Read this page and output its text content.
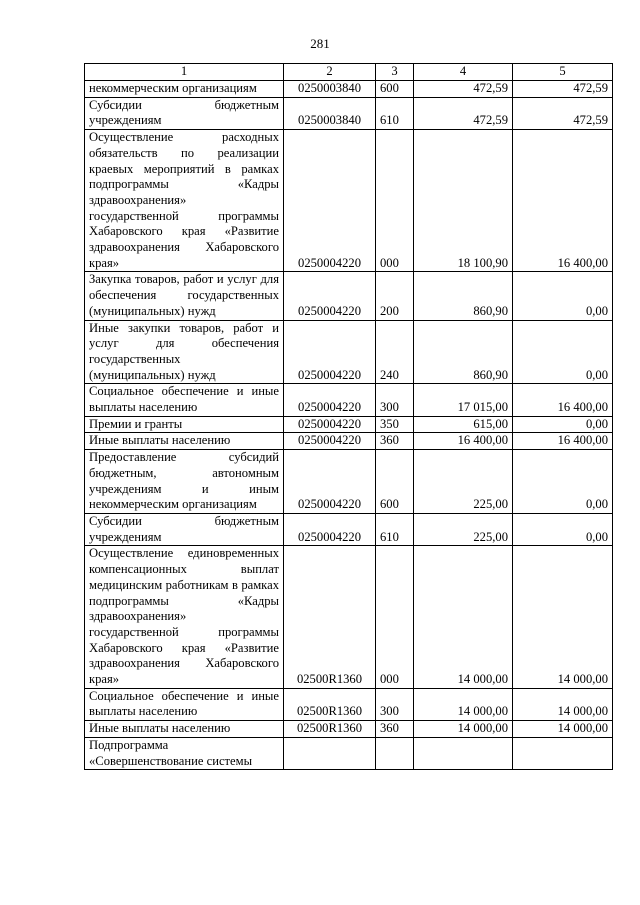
281
1	2	3	4	5
некоммерческим организациям	0250003840	600	472,59	472,59
Субсидии бюджетным учреждениям	0250003840	610	472,59	472,59
Осуществление расходных обязательств по реализации краевых мероприятий в рамках подпрограммы «Кадры здравоохранения» государственной программы Хабаровского края «Развитие здравоохранения Хабаровского края»	0250004220	000	18 100,90	16 400,00
Закупка товаров, работ и услуг для обеспечения государственных (муниципальных) нужд	0250004220	200	860,90	0,00
Иные закупки товаров, работ и услуг для обеспечения государственных (муниципальных) нужд	0250004220	240	860,90	0,00
Социальное обеспечение и иные выплаты населению	0250004220	300	17 015,00	16 400,00
Премии и гранты	0250004220	350	615,00	0,00
Иные выплаты населению	0250004220	360	16 400,00	16 400,00
Предоставление субсидий бюджетным, автономным учреждениям и иным некоммерческим организациям	0250004220	600	225,00	0,00
Субсидии бюджетным учреждениям	0250004220	610	225,00	0,00
Осуществление единовременных компенсационных выплат медицинским работникам в рамках подпрограммы «Кадры здравоохранения» государственной программы Хабаровского края «Развитие здравоохранения Хабаровского края»	02500R1360	000	14 000,00	14 000,00
Социальное обеспечение и иные выплаты населению	02500R1360	300	14 000,00	14 000,00
Иные выплаты населению	02500R1360	360	14 000,00	14 000,00
Подпрограмма «Совершенствование системы				
